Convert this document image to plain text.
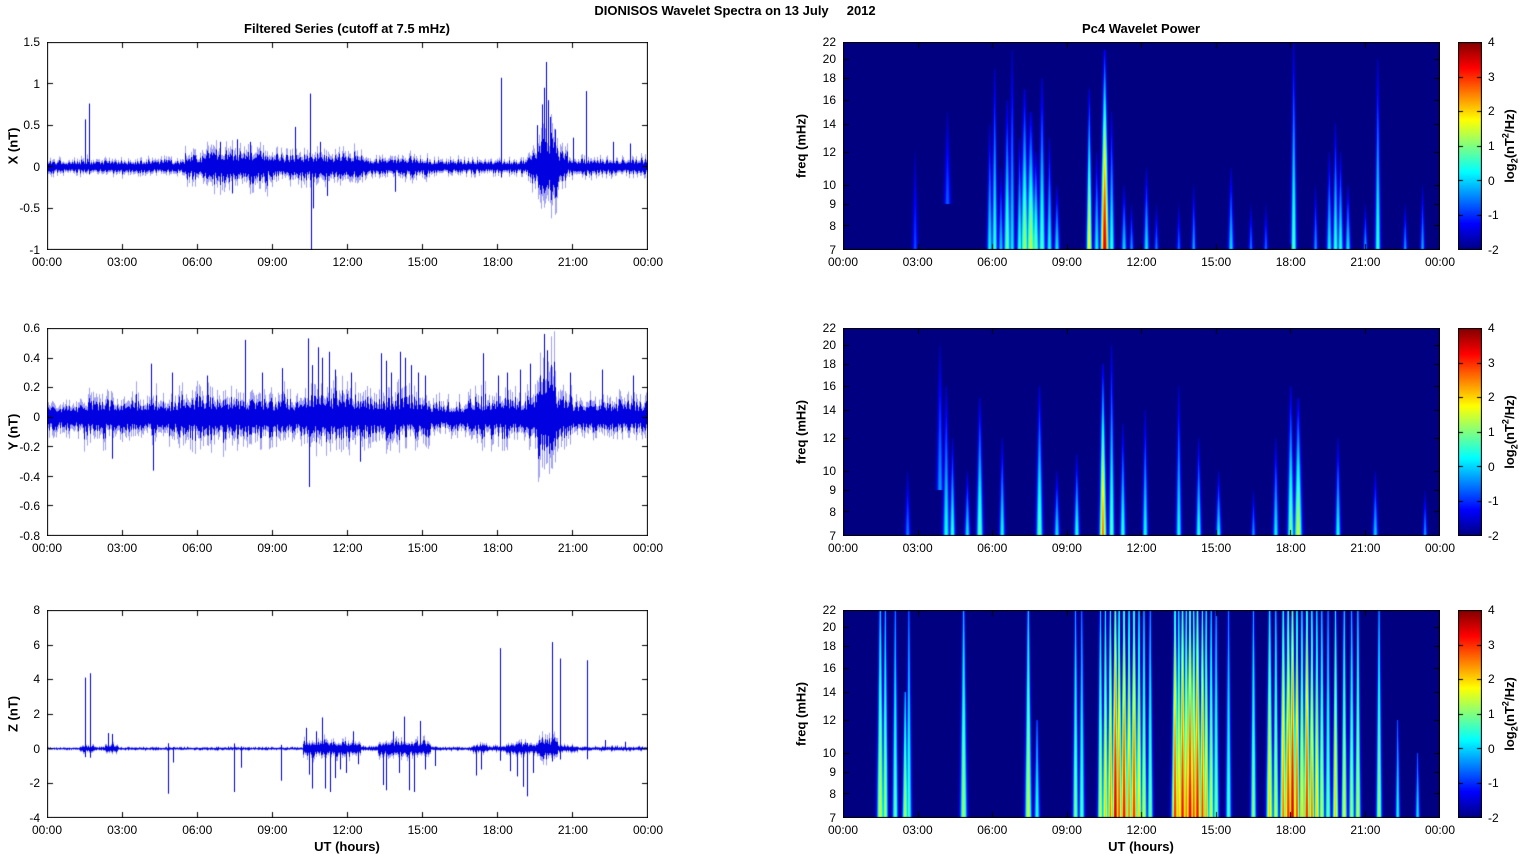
DIONISOS Wavelet Spectra on 13 July     2012
Filtered Series (cutoff at 7.5 mHz)	Pc4 Wavelet Power
X (nT)
Y (nT)
Z (nT)
freq (mHz)
freq (mHz)
freq (mHz)
UT (hours)	UT (hours)
$\log_2(nT^2/Hz)$
$\log_2(nT^2/Hz)$
$\log_2(nT^2/Hz)$
00:00	03:00	06:00	09:00	12:00	15:00	18:00	21:00	00:00
1.5
1
0.5
0
-0.5
-1
00:00	03:00	06:00	09:00	12:00	15:00	18:00	21:00	00:00
0.6
0.4
0.2
0
-0.2
-0.4
-0.6
-0.8
00:00	03:00	06:00	09:00	12:00	15:00	18:00	21:00	00:00
8
6
4
2
0
-2
-4
00:00	03:00	06:00	09:00	12:00	15:00	18:00	21:00	00:00
22
20
18
16
14
12
10
9
8
7
00:00	03:00	06:00	09:00	12:00	15:00	18:00	21:00	00:00
22
20
18
16
14
12
10
9
8
7
00:00	03:00	06:00	09:00	12:00	15:00	18:00	21:00	00:00
22
20
18
16
14
12
10
9
8
7
4
3
2
1
0
-1
-2
4
3
2
1
0
-1
-2
4
3
2
1
0
-1
-2
